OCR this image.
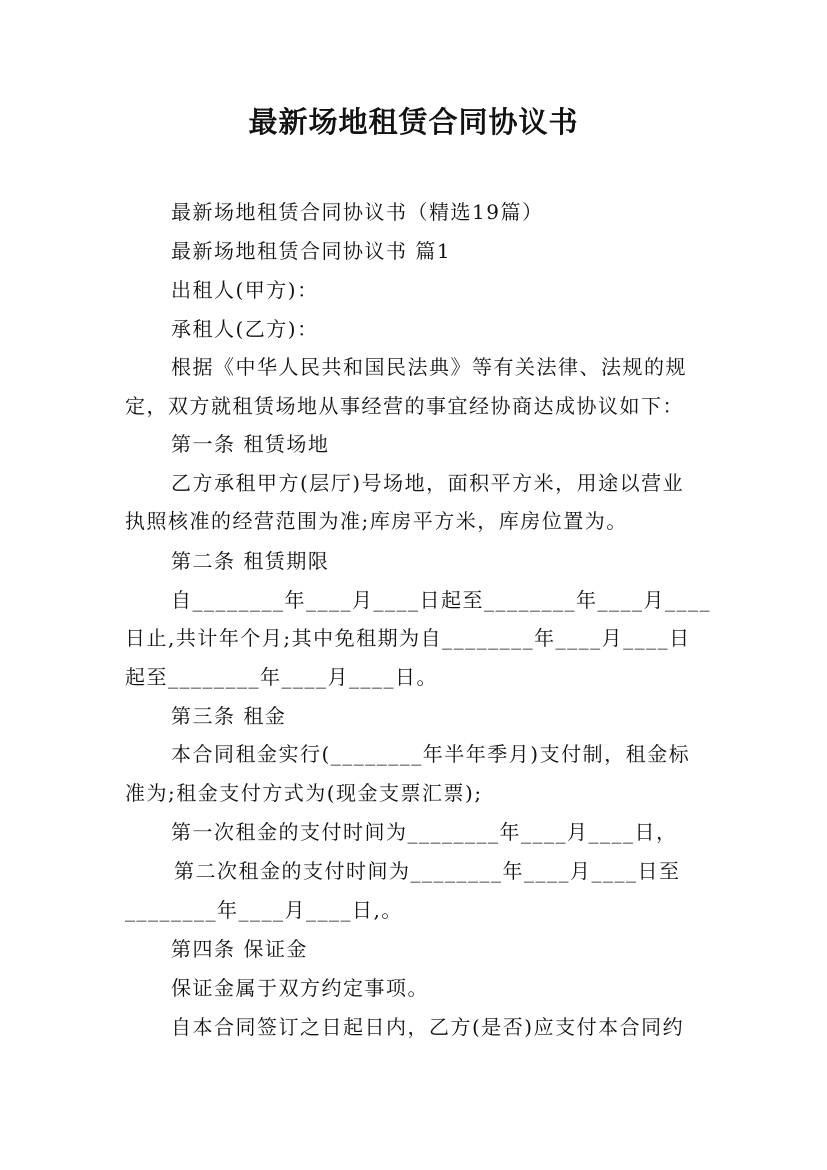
最新场地租赁合同协议书
最新场地租赁合同协议书（精选19篇）
最新场地租赁合同协议书 篇1
出租人(甲方)：
承租人(乙方)：
根据《中华人民共和国民法典》等有关法律、法规的规
定，双方就租赁场地从事经营的事宜经协商达成协议如下：
第一条 租赁场地
乙方承租甲方(层厅)号场地，面积平方米，用途以营业
执照核准的经营范围为准;库房平方米，库房位置为。
第二条 租赁期限
自________年____月____日起至________年____月____
日止,共计年个月;其中免租期为自________年____月____日
起至________年____月____日。
第三条 租金
本合同租金实行(________年半年季月)支付制，租金标
准为;租金支付方式为(现金支票汇票);
第一次租金的支付时间为________年____月____日，
第二次租金的支付时间为________年____月____日至
________年____月____日,。
第四条 保证金
保证金属于双方约定事项。
自本合同签订之日起日内，乙方(是否)应支付本合同约
